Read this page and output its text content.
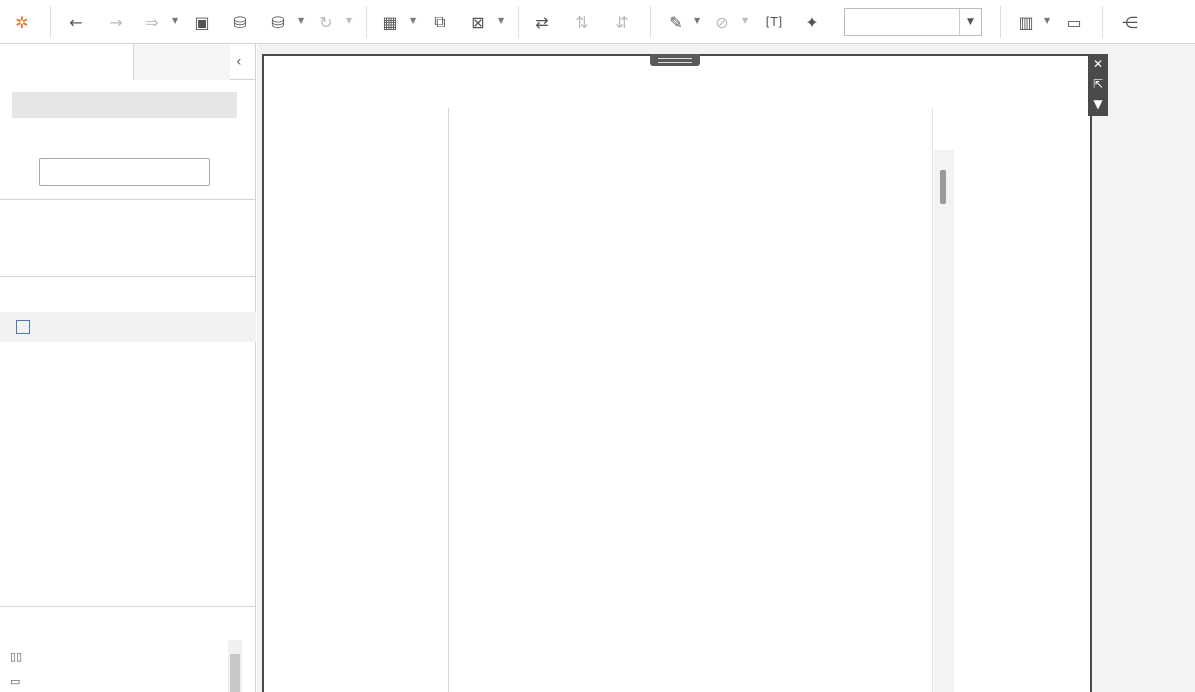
✲	←	→	⇒	▼ ▣	⛁	⛁	▼ ↻	▼ ▦	▼	⧉	⊠	▼	⇄	⇅	⇵	✎	▼ ⊘	▼	[T]	✦	▼	▥	▼ ▭	⋲
‹
▯▯
▭
✕
⇱
▼
